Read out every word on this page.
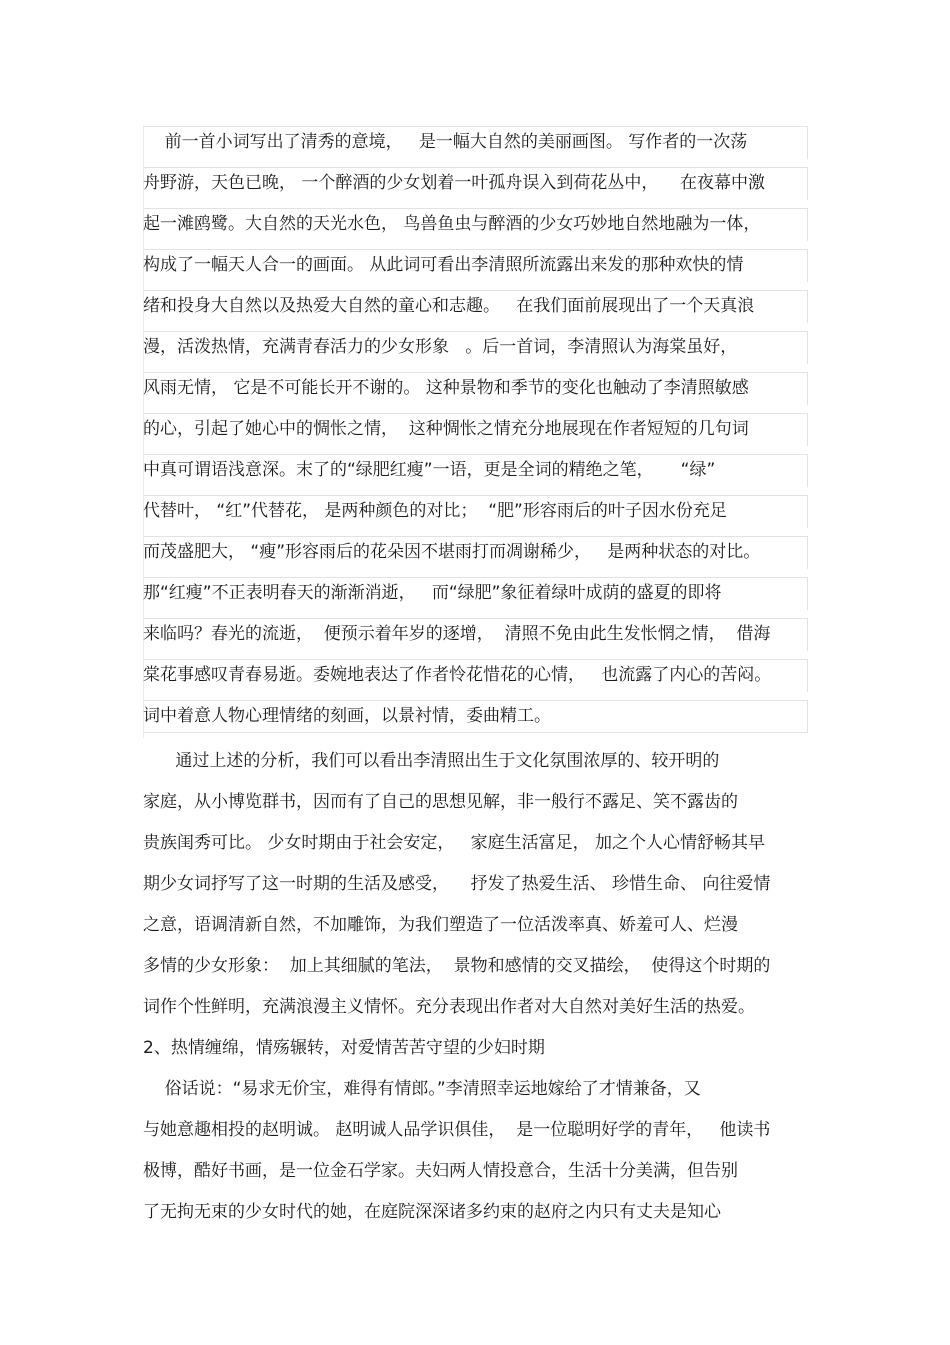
前一首小词写出了清秀的意境，   是一幅大自然的美丽画图。 写作者的一次荡
舟野游，天色已晚， 一个醉酒的少女划着一叶孤舟误入到荷花丛中，    在夜幕中激
起一滩鸥鹭。大自然的天光水色， 鸟兽鱼虫与醉酒的少女巧妙地自然地融为一体，
构成了一幅天人合一的画面。 从此词可看出李清照所流露出来发的那种欢快的情
绪和投身大自然以及热爱大自然的童心和志趣。   在我们面前展现出了一个天真浪
漫，活泼热情，充满青春活力的少女形象   。后一首词，李清照认为海棠虽好，
风雨无情， 它是不可能长开不谢的。 这种景物和季节的变化也触动了李清照敏感
的心，引起了她心中的惆怅之情，  这种惆怅之情充分地展现在作者短短的几句词
中真可谓语浅意深。末了的“绿肥红瘦”一语，更是全词的精绝之笔，     “绿”
代替叶， “红”代替花， 是两种颜色的对比；  “肥”形容雨后的叶子因水份充足
而茂盛肥大， “瘦”形容雨后的花朵因不堪雨打而凋谢稀少，   是两种状态的对比。
那“红瘦”不正表明春天的渐渐消逝，   而“绿肥”象征着绿叶成荫的盛夏的即将
来临吗？春光的流逝，  便预示着年岁的逐增，  清照不免由此生发怅惘之情，  借海
棠花事感叹青春易逝。委婉地表达了作者怜花惜花的心情，   也流露了内心的苦闷。
词中着意人物心理情绪的刻画，以景衬情，委曲精工。
通过上述的分析，我们可以看出李清照出生于文化氛围浓厚的、较开明的
家庭，从小博览群书，因而有了自己的思想见解，非一般行不露足、笑不露齿的
贵族闺秀可比。 少女时期由于社会安定，   家庭生活富足， 加之个人心情舒畅其早
期少女词抒写了这一时期的生活及感受，    抒发了热爱生活、 珍惜生命、 向往爱情
之意，语调清新自然，不加雕饰，为我们塑造了一位活泼率真、娇羞可人、烂漫
多情的少女形象：  加上其细腻的笔法，  景物和感情的交叉描绘，  使得这个时期的
词作个性鲜明，充满浪漫主义情怀。充分表现出作者对大自然对美好生活的热爱。
2、热情缠绵，情殇辗转，对爱情苦苦守望的少妇时期
俗话说：“易求无价宝，难得有情郎。”李清照幸运地嫁给了才情兼备，又
与她意趣相投的赵明诚。 赵明诚人品学识俱佳，  是一位聪明好学的青年，   他读书
极博，酷好书画，是一位金石学家。夫妇两人情投意合，生活十分美满，但告别
了无拘无束的少女时代的她，在庭院深深诸多约束的赵府之内只有丈夫是知心
